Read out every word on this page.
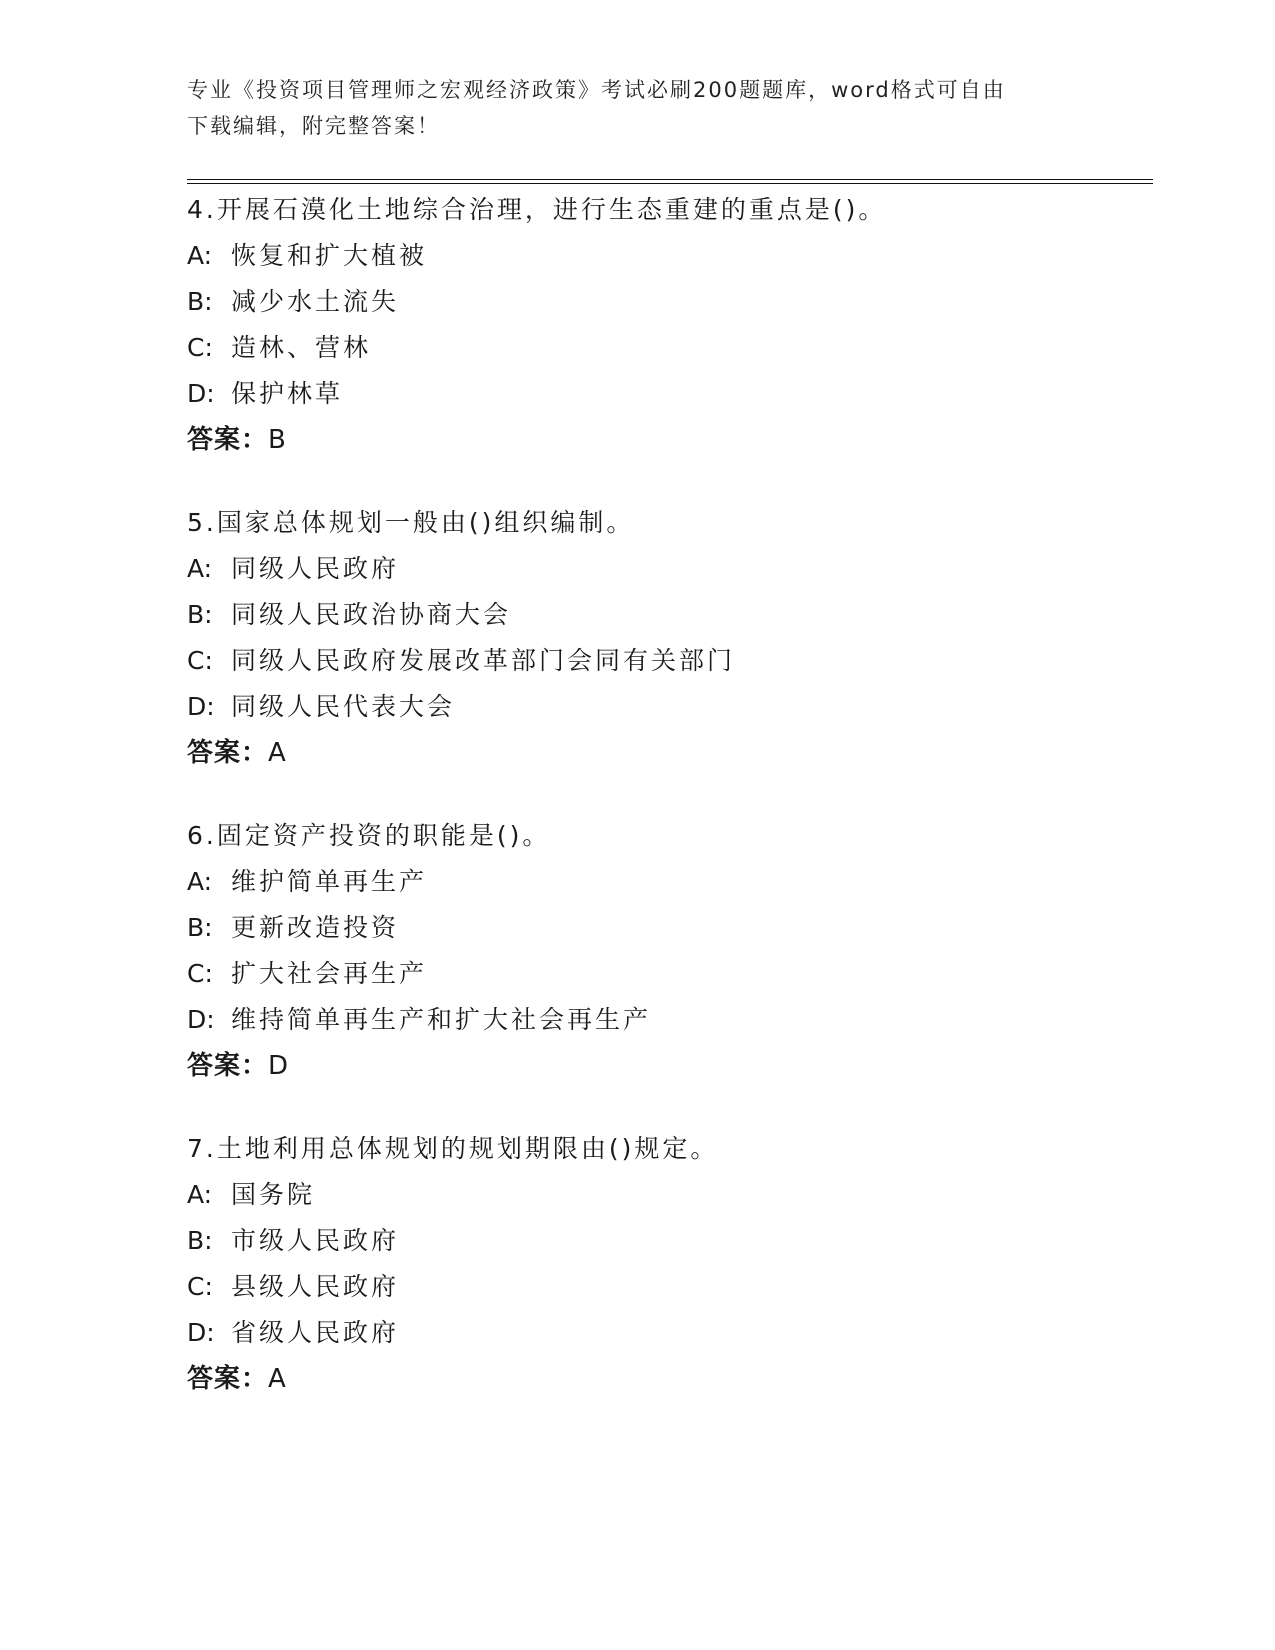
专业《投资项目管理师之宏观经济政策》考试必刷200题题库，word格式可自由
下载编辑，附完整答案！
4.开展石漠化土地综合治理，进行生态重建的重点是()。
A: 恢复和扩大植被
B: 减少水土流失
C: 造林、营林
D: 保护林草
答案：B
5.国家总体规划一般由()组织编制。
A: 同级人民政府
B: 同级人民政治协商大会
C: 同级人民政府发展改革部门会同有关部门
D: 同级人民代表大会
答案：A
6.固定资产投资的职能是()。
A: 维护简单再生产
B: 更新改造投资
C: 扩大社会再生产
D: 维持简单再生产和扩大社会再生产
答案：D
7.土地利用总体规划的规划期限由()规定。
A: 国务院
B: 市级人民政府
C: 县级人民政府
D: 省级人民政府
答案：A
